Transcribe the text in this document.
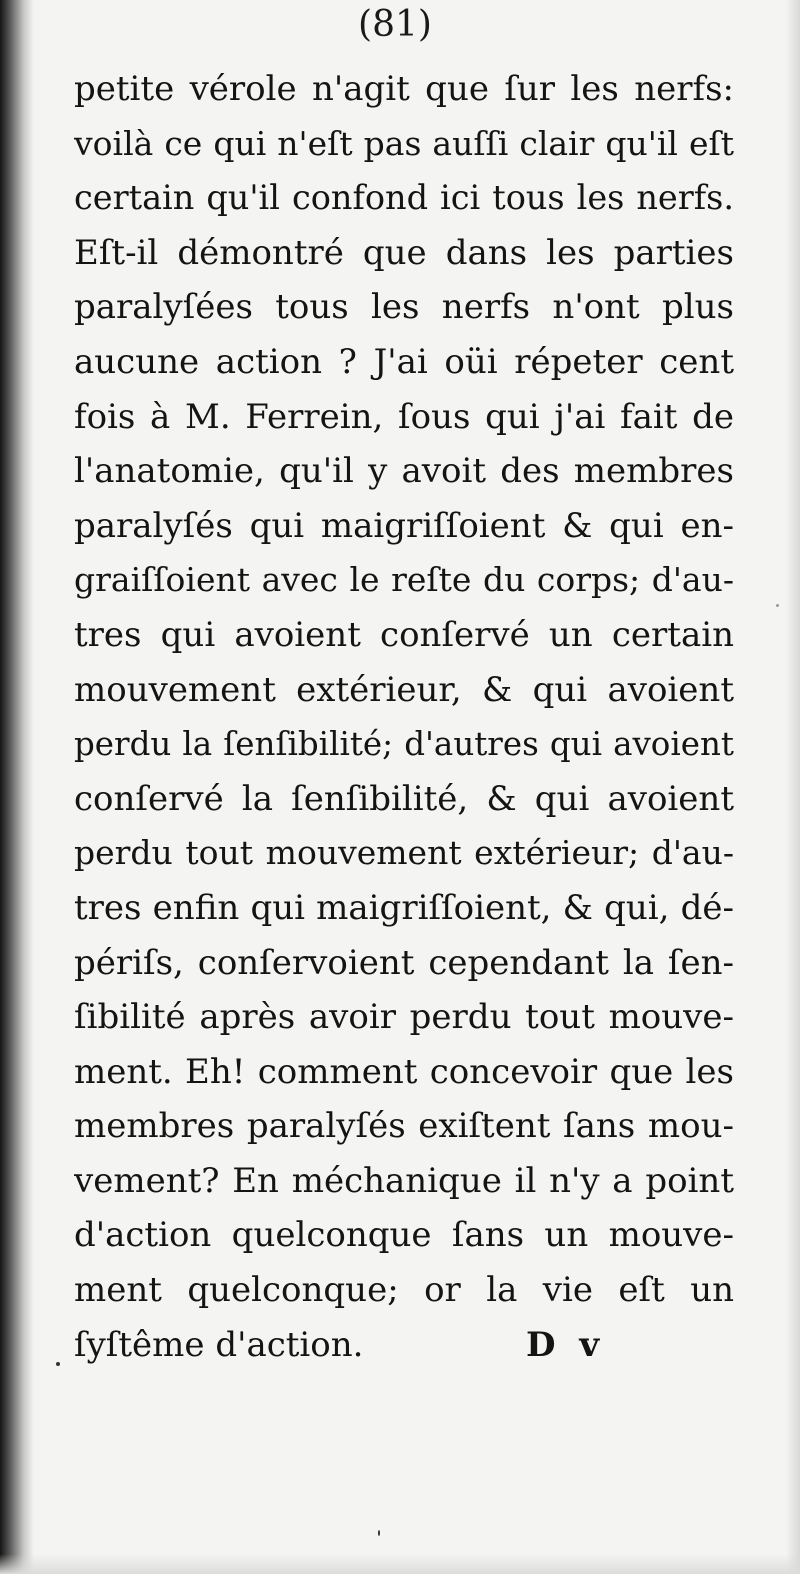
(81)
petite vérole n'agit que ſur les nerfs:
voilà ce qui n'eſt pas auſſi clair qu'il eſt
certain qu'il confond ici tous les nerfs.
Eſt-il démontré que dans les parties
paralyſées tous les nerfs n'ont plus
aucune action ? J'ai oüi répeter cent
fois à M. Ferrein, ſous qui j'ai fait de
l'anatomie, qu'il y avoit des membres
paralyſés qui maigriſſoient & qui en-
graiſſoient avec le reſte du corps; d'au-
tres qui avoient conſervé un certain
mouvement extérieur, & qui avoient
perdu la ſenſibilité; d'autres qui avoient
conſervé la ſenſibilité, & qui avoient
perdu tout mouvement extérieur; d'au-
tres enfin qui maigriſſoient, & qui, dé-
périſs, conſervoient cependant la ſen-
ſibilité après avoir perdu tout mouve-
ment. Eh! comment concevoir que les
membres paralyſés exiſtent ſans mou-
vement? En méchanique il n'y a point
d'action quelconque ſans un mouve-
ment quelconque; or la vie eſt un
ſyſtême d'action.	D v
